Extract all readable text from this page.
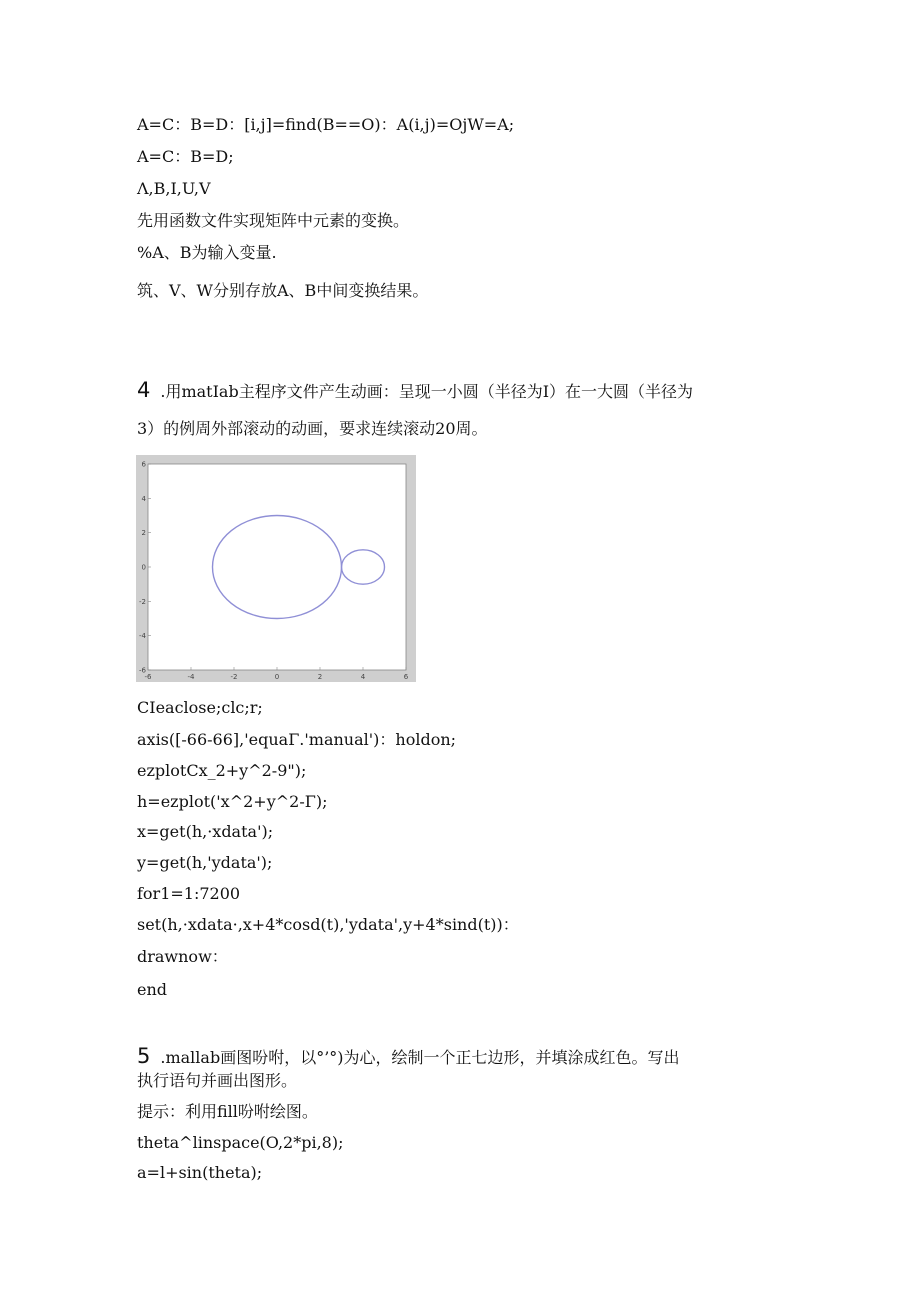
A=C：B=D：[i,j]=find(B==O)：A(i,j)=OjW=A;

A=C：B=D;

Λ,B,I,U,V

先用函数文件实现矩阵中元素的变换。

%A、B为输入变量.

筑、V、W分别存放A、B中间变换结果。

4 .用matIab主程序文件产生动画：呈现一小圆（半径为I）在一大圆（半径为

3）的例周外部滚动的动画，要求连续滚动20周。

-6	-4	-2	0	2	4	6
6
4
2
0
-2
-4
-6

CIeaclose;clc;r;

axis([-66-66],'equaΓ.'manual')：holdon;

ezplotCx_2+y^2-9");

h=ezplot('x^2+y^2-Γ);

x=get(h,·xdata');

y=get(h,'ydata');

for1=1:7200

set(h,·xdata·,x+4*cosd(t),'ydata',y+4*sind(t))：

drawnow：

end

5 .mallab画图吩咐，以°’°)为心，绘制一个正七边形，并填涂成红色。写出

执行语句并画出图形。

提示：利用fill吩咐绘图。

theta^linspace(O,2*pi,8);

a=l+sin(theta);
